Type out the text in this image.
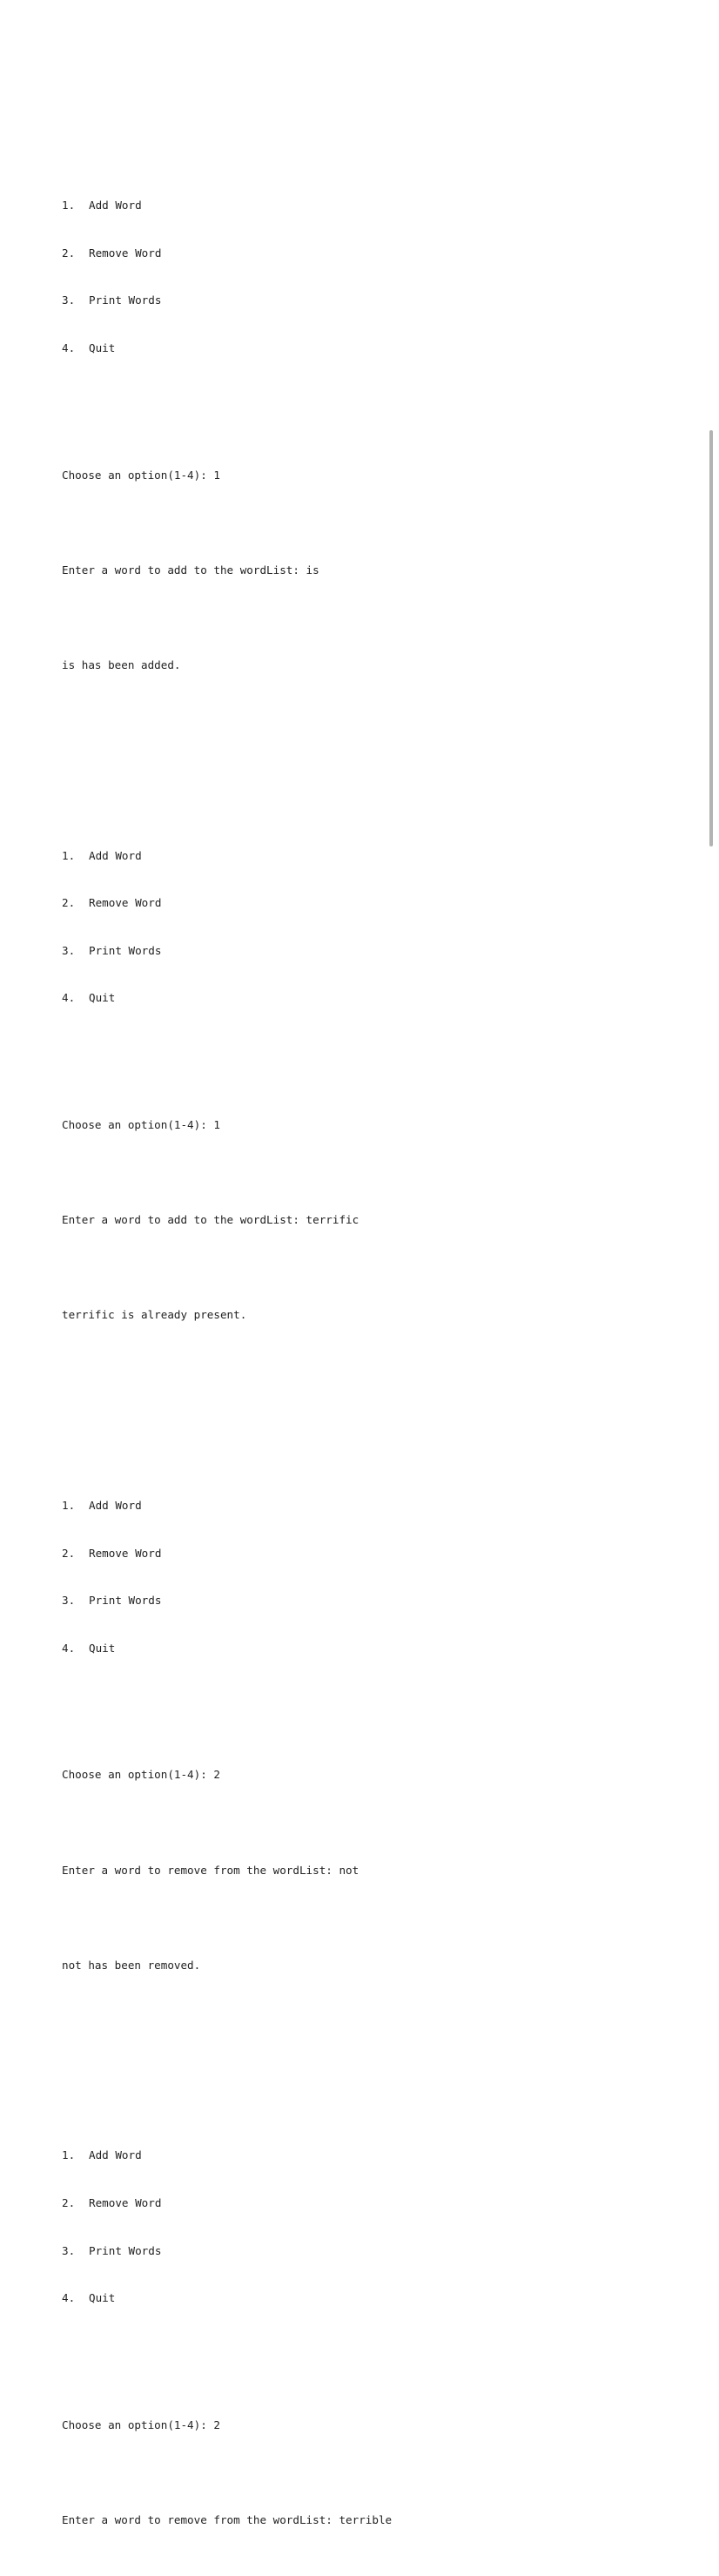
1. Add Word

2. Remove Word

3. Print Words

4. Quit

Choose an option(1-4): 1

Enter a word to add to the wordList: is

is has been added.

1. Add Word

2. Remove Word

3. Print Words

4. Quit

Choose an option(1-4): 1

Enter a word to add to the wordList: terrific

terrific is already present.

1. Add Word

2. Remove Word

3. Print Words

4. Quit

Choose an option(1-4): 2

Enter a word to remove from the wordList: not

not has been removed.

1. Add Word

2. Remove Word

3. Print Words

4. Quit

Choose an option(1-4): 2

Enter a word to remove from the wordList: terrible
